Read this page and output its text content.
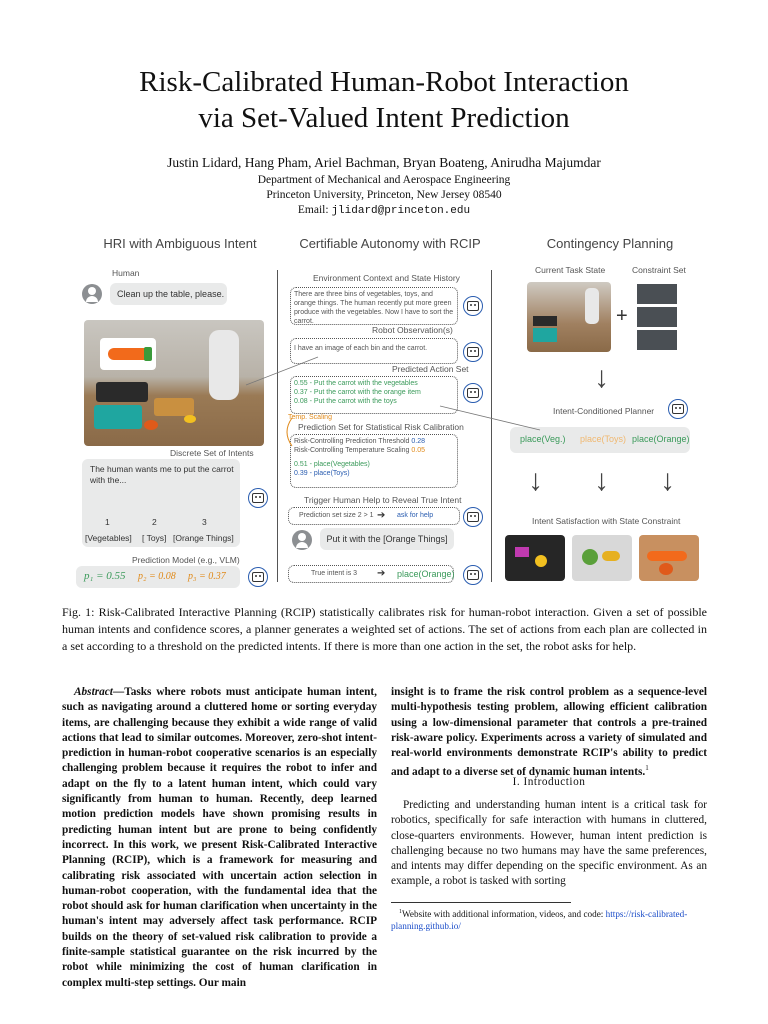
Risk-Calibrated Human-Robot Interaction
via Set-Valued Intent Prediction
Justin Lidard, Hang Pham, Ariel Bachman, Bryan Boateng, Anirudha Majumdar
Department of Mechanical and Aerospace Engineering
Princeton University, Princeton, New Jersey 08540
Email: jlidard@princeton.edu
HRI with Ambiguous Intent	Certifiable Autonomy with RCIP	Contingency Planning
Human
Clean up the table, please.
Discrete Set of Intents
The human wants me to put the carrot with the...
1	2	3
[Vegetables] [ Toys] [Orange Things]
Prediction Model (e.g., VLM)
p₁ = 0.55 p₂ = 0.08 p₃ = 0.37
Environment Context and State History
There are three bins of vegetables, toys, and orange things. The human recently put more green produce with the vegetables. Now I have to sort the carrot.
Robot Observation(s)
I have an image of each bin and the carrot.
Predicted Action Set
0.55 - Put the carrot with the vegetables
0.37 - Put the carrot with the orange item
0.08 - Put the carrot with the toys
Temp. Scaling
Prediction Set for Statistical Risk Calibration
Risk-Controlling Prediction Threshold 0.28
Risk-Controlling Temperature Scaling 0.05
0.51 - place(Vegetables)
0.39 - place(Toys)
Trigger Human Help to Reveal True Intent
Prediction set size 2 > 1 ➔ ask for help
Put it with the [Orange Things]
True intent is 3 ➔ place(Orange)
Current Task State	Constraint Set
+
↓
Intent-Conditioned Planner
place(Veg.) place(Toys) place(Orange)
↓ ↓ ↓
Intent Satisfaction with State Constraint
Fig. 1: Risk-Calibrated Interactive Planning (RCIP) statistically calibrates risk for human-robot interaction. Given a set of possible human intents and confidence scores, a planner generates a weighted set of actions. The set of actions from each plan are collected in a set according to a threshold on the predicted intents. If there is more than one action in the set, the robot asks for help.
Abstract—Tasks where robots must anticipate human intent, such as navigating around a cluttered home or sorting everyday items, are challenging because they exhibit a wide range of valid actions that lead to similar outcomes. Moreover, zero-shot intent-prediction in human-robot cooperative scenarios is an especially challenging problem because it requires the robot to infer and adapt on the fly to a latent human intent, which could vary significantly from human to human. Recently, deep learned motion prediction models have shown promising results in predicting human intent but are prone to being confidently incorrect. In this work, we present Risk-Calibrated Interactive Planning (RCIP), which is a framework for measuring and calibrating risk associated with uncertain action selection in human-robot cooperation, with the fundamental idea that the robot should ask for human clarification when uncertainty in the human's intent may adversely affect task performance. RCIP builds on the theory of set-valued risk calibration to provide a finite-sample statistical guarantee on the risk incurred by the robot while minimizing the cost of human clarification in complex multi-step settings. Our main
insight is to frame the risk control problem as a sequence-level multi-hypothesis testing problem, allowing efficient calibration using a low-dimensional parameter that controls a pre-trained risk-aware policy. Experiments across a variety of simulated and real-world environments demonstrate RCIP's ability to predict and adapt to a diverse set of dynamic human intents.$^1$
I. Introduction
Predicting and understanding human intent is a critical task for robotics, specifically for safe interaction with humans in cluttered, close-quarters environments. However, human intent prediction is challenging because no two humans may have the same preferences, and intents may differ depending on the specific environment. As an example, a robot is tasked with sorting
$^1$Website with additional information, videos, and code: https://risk-calibrated-planning.github.io/
